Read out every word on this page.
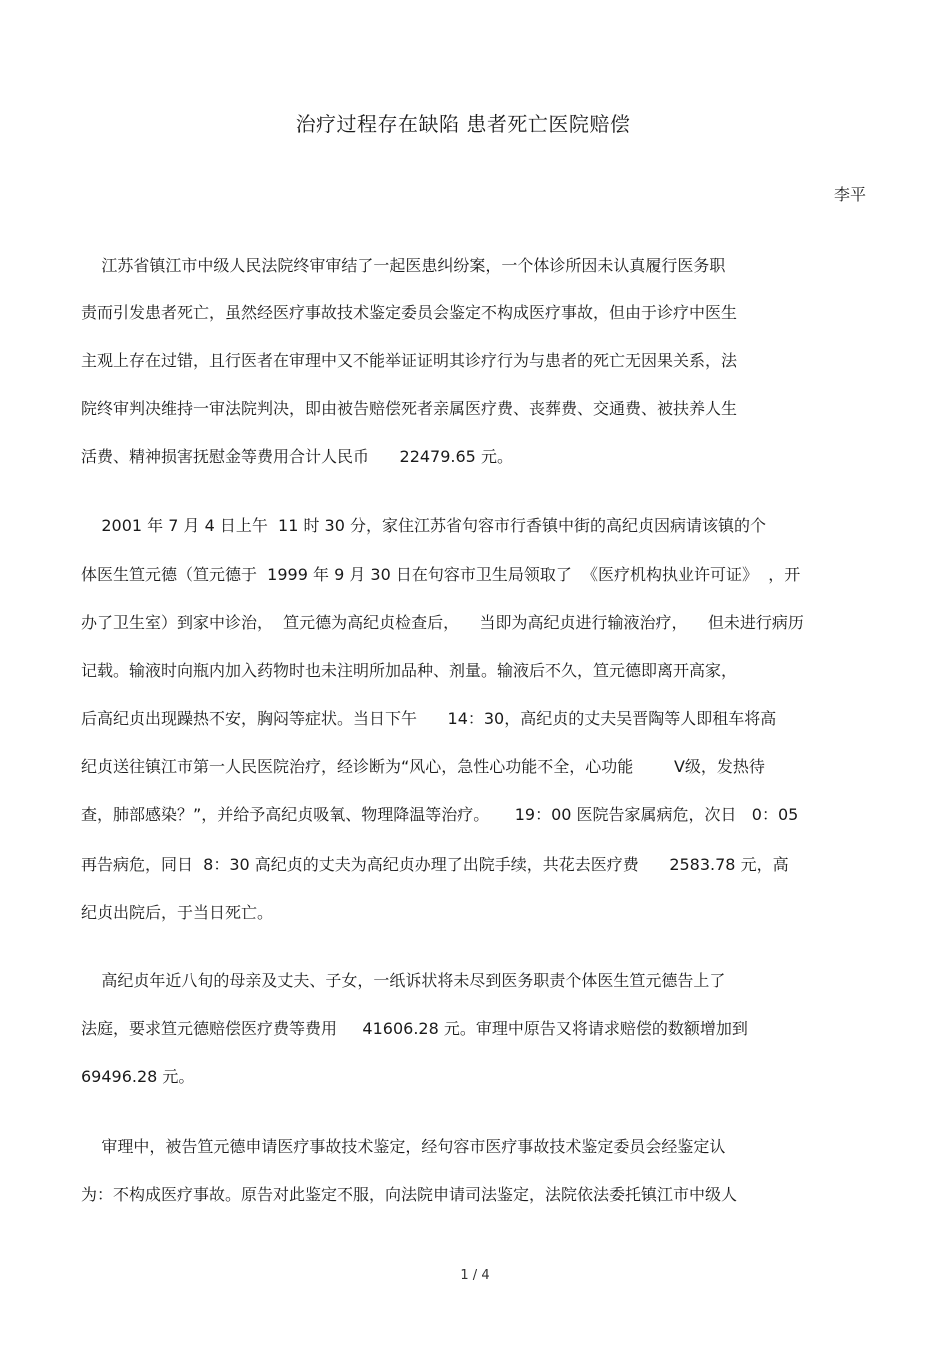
治疗过程存在缺陷 患者死亡医院赔偿
李平
江苏省镇江市中级人民法院终审审结了一起医患纠纷案，一个体诊所因未认真履行医务职
责而引发患者死亡，虽然经医疗事故技术鉴定委员会鉴定不构成医疗事故，但由于诊疗中医生
主观上存在过错，且行医者在审理中又不能举证证明其诊疗行为与患者的死亡无因果关系，法
院终审判决维持一审法院判决，即由被告赔偿死者亲属医疗费、丧葬费、交通费、被扶养人生
活费、精神损害抚慰金等费用合计人民币      22479.65 元。
2001 年 7 月 4 日上午  11 时 30 分，家住江苏省句容市行香镇中街的高纪贞因病请该镇的个
体医生笪元德（笪元德于  1999 年 9 月 30 日在句容市卫生局领取了  《医疗机构执业许可证》  ，开
办了卫生室）到家中诊治，  笪元德为高纪贞检查后，    当即为高纪贞进行输液治疗，    但未进行病历
记载。输液时向瓶内加入药物时也未注明所加品种、剂量。输液后不久，笪元德即离开高家，
后高纪贞出现躁热不安，胸闷等症状。当日下午      14：30，高纪贞的丈夫吴晋陶等人即租车将高
纪贞送往镇江市第一人民医院治疗，经诊断为“风心，急性心功能不全，心功能        V级，发热待
查，肺部感染？”，并给予高纪贞吸氧、物理降温等治疗。     19：00 医院告家属病危，次日   0：05
再告病危，同日  8：30 高纪贞的丈夫为高纪贞办理了出院手续，共花去医疗费      2583.78 元，高
纪贞出院后，于当日死亡。
高纪贞年近八旬的母亲及丈夫、子女，一纸诉状将未尽到医务职责个体医生笪元德告上了
法庭，要求笪元德赔偿医疗费等费用     41606.28 元。审理中原告又将请求赔偿的数额增加到
69496.28 元。
审理中，被告笪元德申请医疗事故技术鉴定，经句容市医疗事故技术鉴定委员会经鉴定认
为：不构成医疗事故。原告对此鉴定不服，向法院申请司法鉴定，法院依法委托镇江市中级人
1 / 4
